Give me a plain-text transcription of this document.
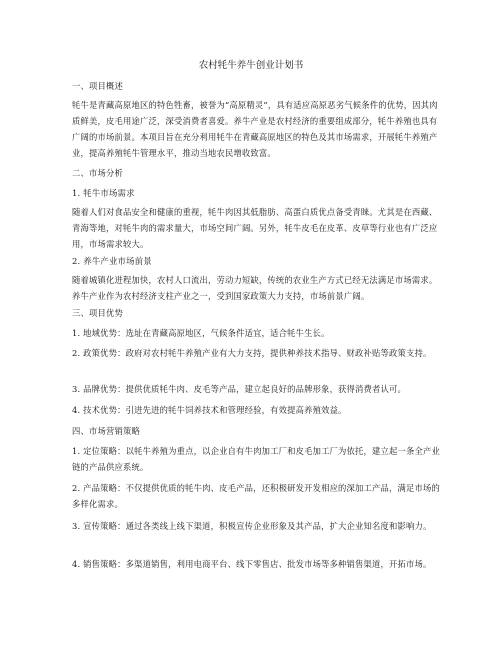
农村牦牛养牛创业计划书

一、项目概述

牦牛是青藏高原地区的特色牲畜，被誉为“高原精灵”，具有适应高原恶劣气候条件的优势，因其肉质鲜美，皮毛用途广泛，深受消费者喜爱。养牛产业是农村经济的重要组成部分，牦牛养殖也具有广阔的市场前景。本项目旨在充分利用牦牛在青藏高原地区的特色及其市场需求，开展牦牛养殖产业，提高养殖牦牛管理水平，推动当地农民增收致富。

二、市场分析

1. 牦牛市场需求

随着人们对食品安全和健康的重视，牦牛肉因其低脂肪、高蛋白质优点备受青睐。尤其是在西藏、青海等地，对牦牛肉的需求量大，市场空间广阔。另外，牦牛皮毛在皮革、皮草等行业也有广泛应用，市场需求较大。

2. 养牛产业市场前景

随着城镇化进程加快，农村人口流出，劳动力短缺，传统的农业生产方式已经无法满足市场需求。养牛产业作为农村经济支柱产业之一，受到国家政策大力支持，市场前景广阔。

三、项目优势

1. 地域优势：选址在青藏高原地区，气候条件适宜，适合牦牛生长。

2. 政策优势：政府对农村牦牛养殖产业有大力支持，提供种养技术指导、财政补贴等政策支持。

3. 品牌优势：提供优质牦牛肉、皮毛等产品，建立起良好的品牌形象，获得消费者认可。

4. 技术优势：引进先进的牦牛饲养技术和管理经验，有效提高养殖效益。

四、市场营销策略

1. 定位策略：以牦牛养殖为重点，以企业自有牛肉加工厂和皮毛加工厂为依托，建立起一条全产业链的产品供应系统。

2. 产品策略：不仅提供优质的牦牛肉、皮毛产品，还积极研发开发相应的深加工产品，满足市场的多样化需求。

3. 宣传策略：通过各类线上线下渠道，积极宣传企业形象及其产品，扩大企业知名度和影响力。

4. 销售策略：多渠道销售，利用电商平台、线下零售店、批发市场等多种销售渠道，开拓市场。
